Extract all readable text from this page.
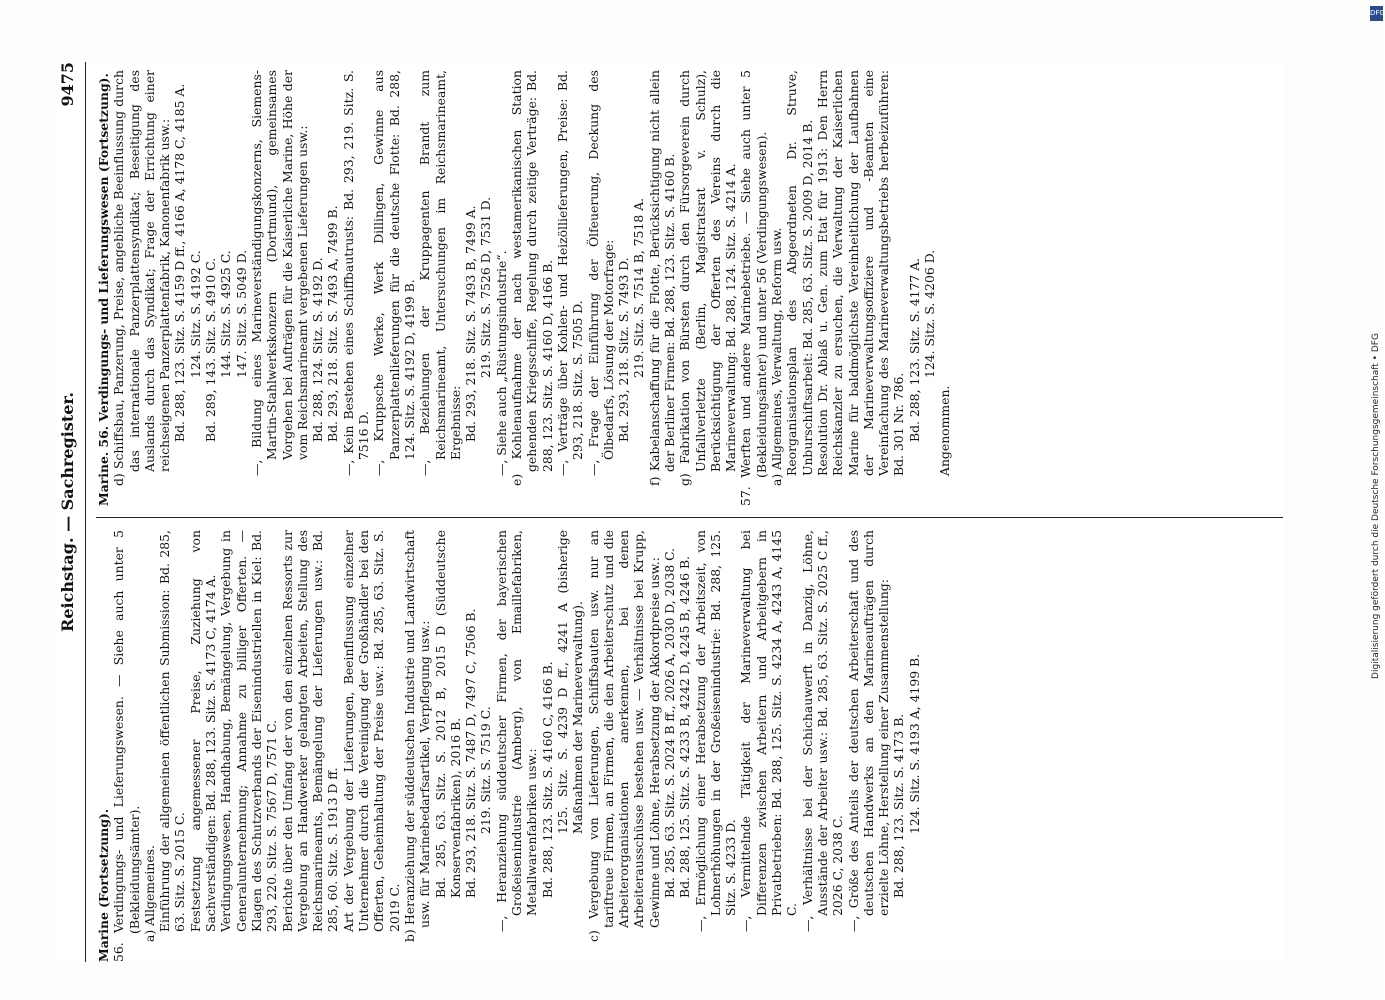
Reichstag. — Sachregister.
9475

Marine (Fortsetzung). 56. Verdingungs- und Lieferungswesen. — Siehe auch unter 5 (Bekleidungsämter). a) Allgemeines. Einführung der allgemeinen öffentlichen Submission: Bd. 285, 63. Sitz. S. 2015 C. Festsetzung angemessener Preise, Zuziehung von Sachverständigen: Bd. 288, 123. Sitz. S. 4173 C, 4174 A. Verdingungswesen, Handhabung, Bemängelung, Vergebung in Generalunternehmung; Annahme zu billiger Offerten. — Klagen des Schutzverbands der Eisenindustriellen in Kiel: Bd. 293, 220. Sitz. S. 7567 D, 7571 C. Berichte über den Umfang der von den einzelnen Ressorts zur Vergebung an Handwerker gelangten Arbeiten, Stellung des Reichsmarineamts, Bemängelung der Lieferungen usw.: Bd. 285, 60. Sitz. S. 1913 D ff. Art der Vergebung der Lieferungen, Beeinflussung einzelner Unternehmer durch die Vereinigung der Großhändler bei den Offerten, Geheimhaltung der Preise usw.: Bd. 285, 63. Sitz. S. 2019 C. b) Heranziehung der süddeutschen Industrie und Landwirtschaft usw. für Marinebedarfsartikel, Verpflegung usw.: Bd. 285, 63. Sitz. S. 2012 B, 2015 D (Süddeutsche Konservenfabriken), 2016 B. Bd. 293, 218. Sitz. S. 7487 D, 7497 C, 7506 B. 219. Sitz. S. 7519 C. —, Heranziehung süddeutscher Firmen, der bayerischen Großeisenindustrie (Amberg), von Emaillefabriken, Metallwarenfabriken usw.: Bd. 288, 123. Sitz. S. 4160 C, 4166 B. 125. Sitz. S. 4239 D ff., 4241 A (bisherige Maßnahmen der Marineverwaltung). c) Vergebung von Lieferungen, Schiffsbauten usw. nur an tariftreue Firmen, an Firmen, die den Arbeiterschutz und die Arbeiterorganisationen anerkennen, bei denen Arbeiterausschüsse bestehen usw. — Verhältnisse bei Krupp, Gewinne und Löhne, Herabsetzung der Akkordpreise usw.: Bd. 285, 63. Sitz. S. 2024 B ff., 2026 A, 2030 D, 2038 C. Bd. 288, 125. Sitz. S. 4233 B, 4242 D, 4245 B, 4246 B. —, Ermöglichung einer Herabsetzung der Arbeitszeit, von Lohnerhöhungen in der Großeisenindustrie: Bd. 288, 125. Sitz. S. 4233 D. —, Vermittelnde Tätigkeit der Marineverwaltung bei Differenzen zwischen Arbeitern und Arbeitgebern in Privatbetrieben: Bd. 288, 125. Sitz. S. 4234 A, 4243 A, 4145 C. —, Verhältnisse bei der Schichauwerft in Danzig, Löhne, Ausstände der Arbeiter usw.: Bd. 285, 63. Sitz. S. 2025 C ff., 2026 C, 2038 C. —, Größe des Anteils der deutschen Arbeiterschaft und des deutschen Handwerks an den Marineaufträgen durch erzielte Löhne, Herstellung einer Zusammenstellung: Bd. 288, 123. Sitz. S. 4173 B. 124. Sitz. S. 4193 A, 4199 B.

Marine. 56. Verdingungs- und Lieferungswesen (Fortsetzung). d) Schiffsbau, Panzerung, Preise, angebliche Beeinflussung durch das internationale Panzerplattensyndikat; Beseitigung des Auslands durch das Syndikat; Frage der Errichtung einer reichseigenen Panzerplattenfabrik, Kanonenfabrik usw.: Bd. 288, 123. Sitz. S. 4159 D ff., 4166 A, 4178 C, 4185 A. 124. Sitz. S. 4192 C. Bd. 289, 143. Sitz. S. 4910 C. 144. Sitz. S. 4925 C. 147. Sitz. S. 5049 D. —, Bildung eines Marineverständigungskonzerns, Siemens-Martin-Stahlwerkskonzern (Dortmund), gemeinsames Vorgehen bei Aufträgen für die Kaiserliche Marine, Höhe der vom Reichsmarineamt vergebenen Lieferungen usw.: Bd. 288, 124. Sitz. S. 4192 D. Bd. 293, 218. Sitz. S. 7493 A, 7499 B. —, Kein Bestehen eines Schiffbautrusts: Bd. 293, 219. Sitz. S. 7516 D. —, Kruppsche Werke, Werk Dillingen, Gewinne aus Panzerplattenlieferungen für die deutsche Flotte: Bd. 288, 124. Sitz. S. 4192 D, 4199 B. —, Beziehungen der Kruppagenten Brandt zum Reichsmarineamt, Untersuchungen im Reichsmarineamt, Ergebnisse: Bd. 293, 218. Sitz. S. 7493 B, 7499 A. 219. Sitz. S. 7526 D, 7531 D. —, Siehe auch „Rüstungsindustrie“. e) Kohlenaufnahme der nach westamerikanischen Station gehenden Kriegsschiffe, Regelung durch zeitige Verträge: Bd. 288, 123. Sitz. S. 4160 D, 4166 B. —, Verträge über Kohlen- und Heizöllieferungen, Preise: Bd. 293, 218. Sitz. S. 7505 D. —, Frage der Einführung der Ölfeuerung, Deckung des Ölbedarfs, Lösung der Motorfrage: Bd. 293, 218. Sitz. S. 7493 D. 219. Sitz. S. 7514 B, 7518 A. f) Kabelanschaffung für die Flotte, Berücksichtigung nicht allein der Berliner Firmen: Bd. 288, 123. Sitz. S. 4160 B. g) Fabrikation von Bürsten durch den Fürsorgeverein durch Unfallverletzte (Berlin, Magistratsrat v. Schulz), Berücksichtigung der Offerten des Vereins durch die Marineverwaltung: Bd. 288, 124. Sitz. S. 4214 A. 57. Werften und andere Marinebetriebe. — Siehe auch unter 5 (Bekleidungsämter) und unter 56 (Verdingungswesen). a) Allgemeines, Verwaltung, Reform usw. Reorganisationsplan des Abgeordneten Dr. Struve, Unburschiftsarbeit: Bd. 285, 63. Sitz. S. 2009 D, 2014 B. Resolution Dr. Ablaß u. Gen. zum Etat für 1913: Den Herrn Reichskanzler zu ersuchen, die Verwaltung der Kaiserlichen Marine für baldmöglichste Vereinheitlichung der Laufbahnen der Marineverwaltungsoffiziere und -Beamten eine Vereinfachung des Marineverwaltungsbetriebs herbeizuführen: Bd. 301 Nr. 786. Bd. 288, 123. Sitz. S. 4177 A. 124. Sitz. S. 4206 D.

Angenommen.

DFG
Digitalisierung gefördert durch die Deutsche Forschungsgemeinschaft • DFG
